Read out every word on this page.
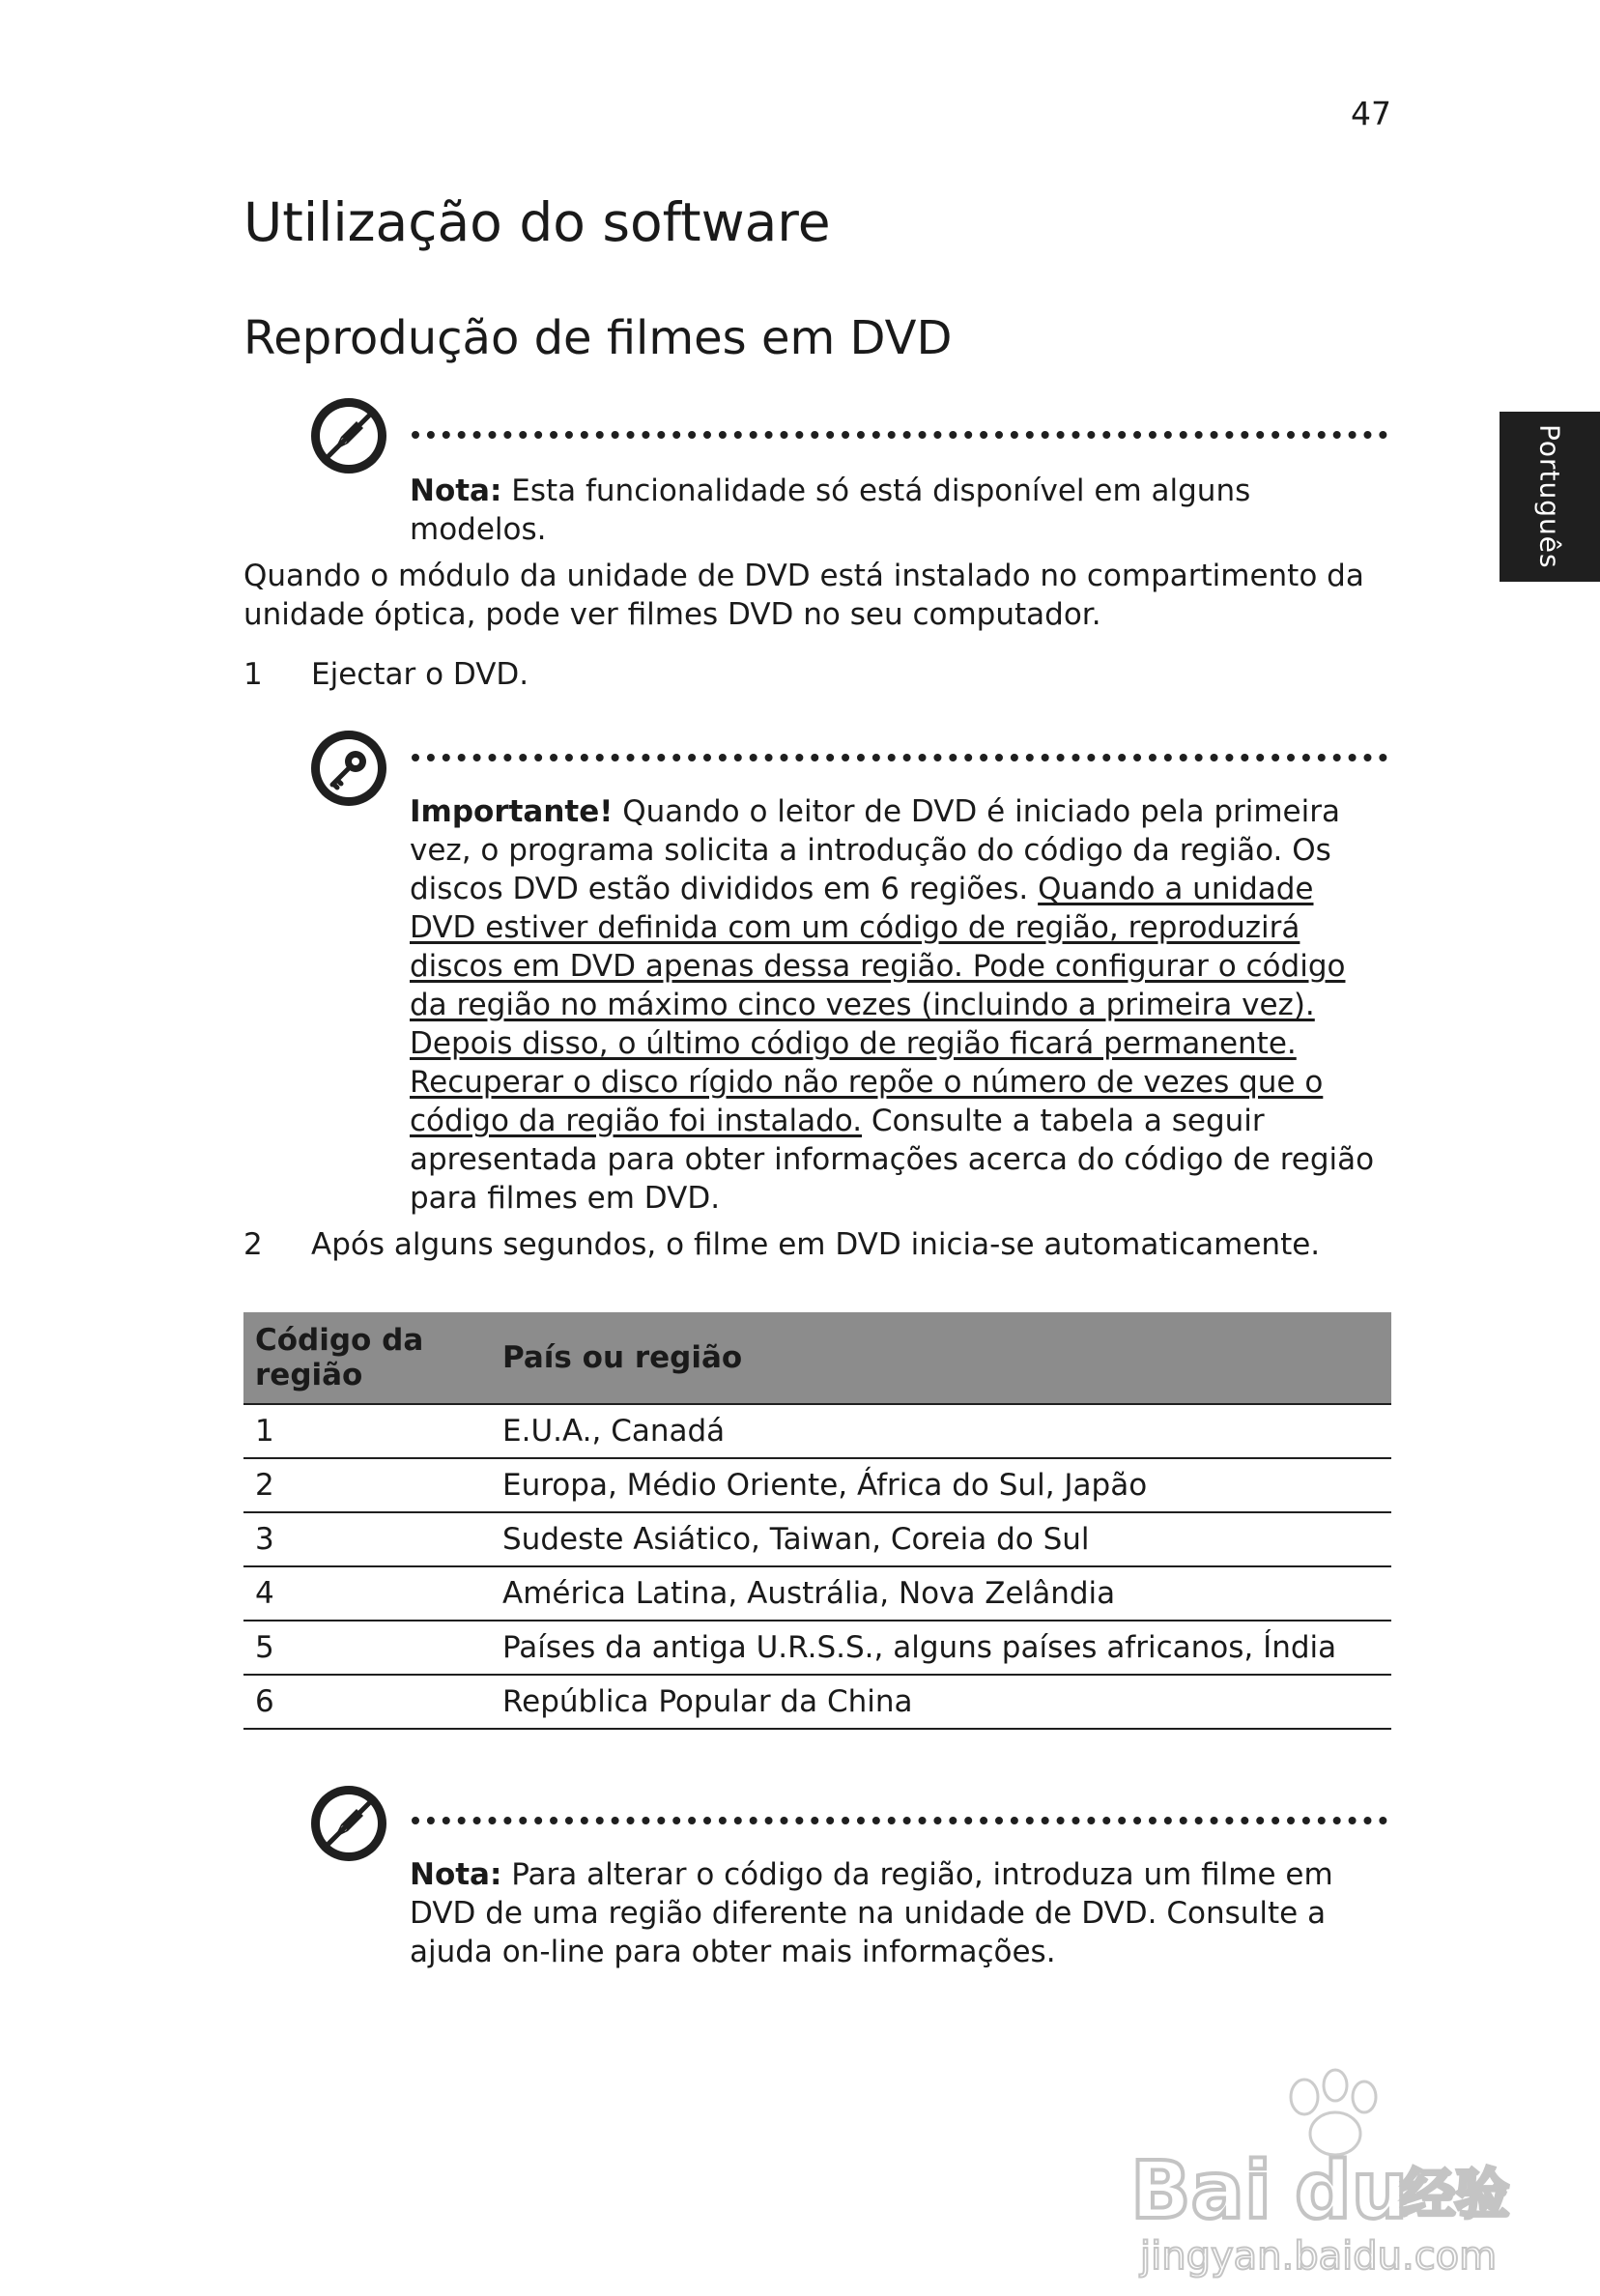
47
Utilização do software
Português
Reprodução de filmes em DVD
Nota: Esta funcionalidade só está disponível em alguns modelos.
Quando o módulo da unidade de DVD está instalado no compartimento da unidade óptica, pode ver filmes DVD no seu computador.
1	Ejectar o DVD.
Importante! Quando o leitor de DVD é iniciado pela primeira vez, o programa solicita a introdução do código da região. Os discos DVD estão divididos em 6 regiões. Quando a unidade DVD estiver definida com um código de região, reproduzirá discos em DVD apenas dessa região. Pode configurar o código da região no máximo cinco vezes (incluindo a primeira vez). Depois disso, o último código de região ficará permanente. Recuperar o disco rígido não repõe o número de vezes que o código da região foi instalado. Consulte a tabela a seguir apresentada para obter informações acerca do código de região para filmes em DVD.
2	Após alguns segundos, o filme em DVD inicia-se automaticamente.
Código da região	País ou região
1	E.U.A., Canadá
2	Europa, Médio Oriente, África do Sul, Japão
3	Sudeste Asiático, Taiwan, Coreia do Sul
4	América Latina, Austrália, Nova Zelândia
5	Países da antiga U.R.S.S., alguns países africanos, Índia
6	República Popular da China
Nota: Para alterar o código da região, introduza um filme em DVD de uma região diferente na unidade de DVD. Consulte a ajuda on-line para obter mais informações.
Bai du
经验
jingyan.baidu.com
